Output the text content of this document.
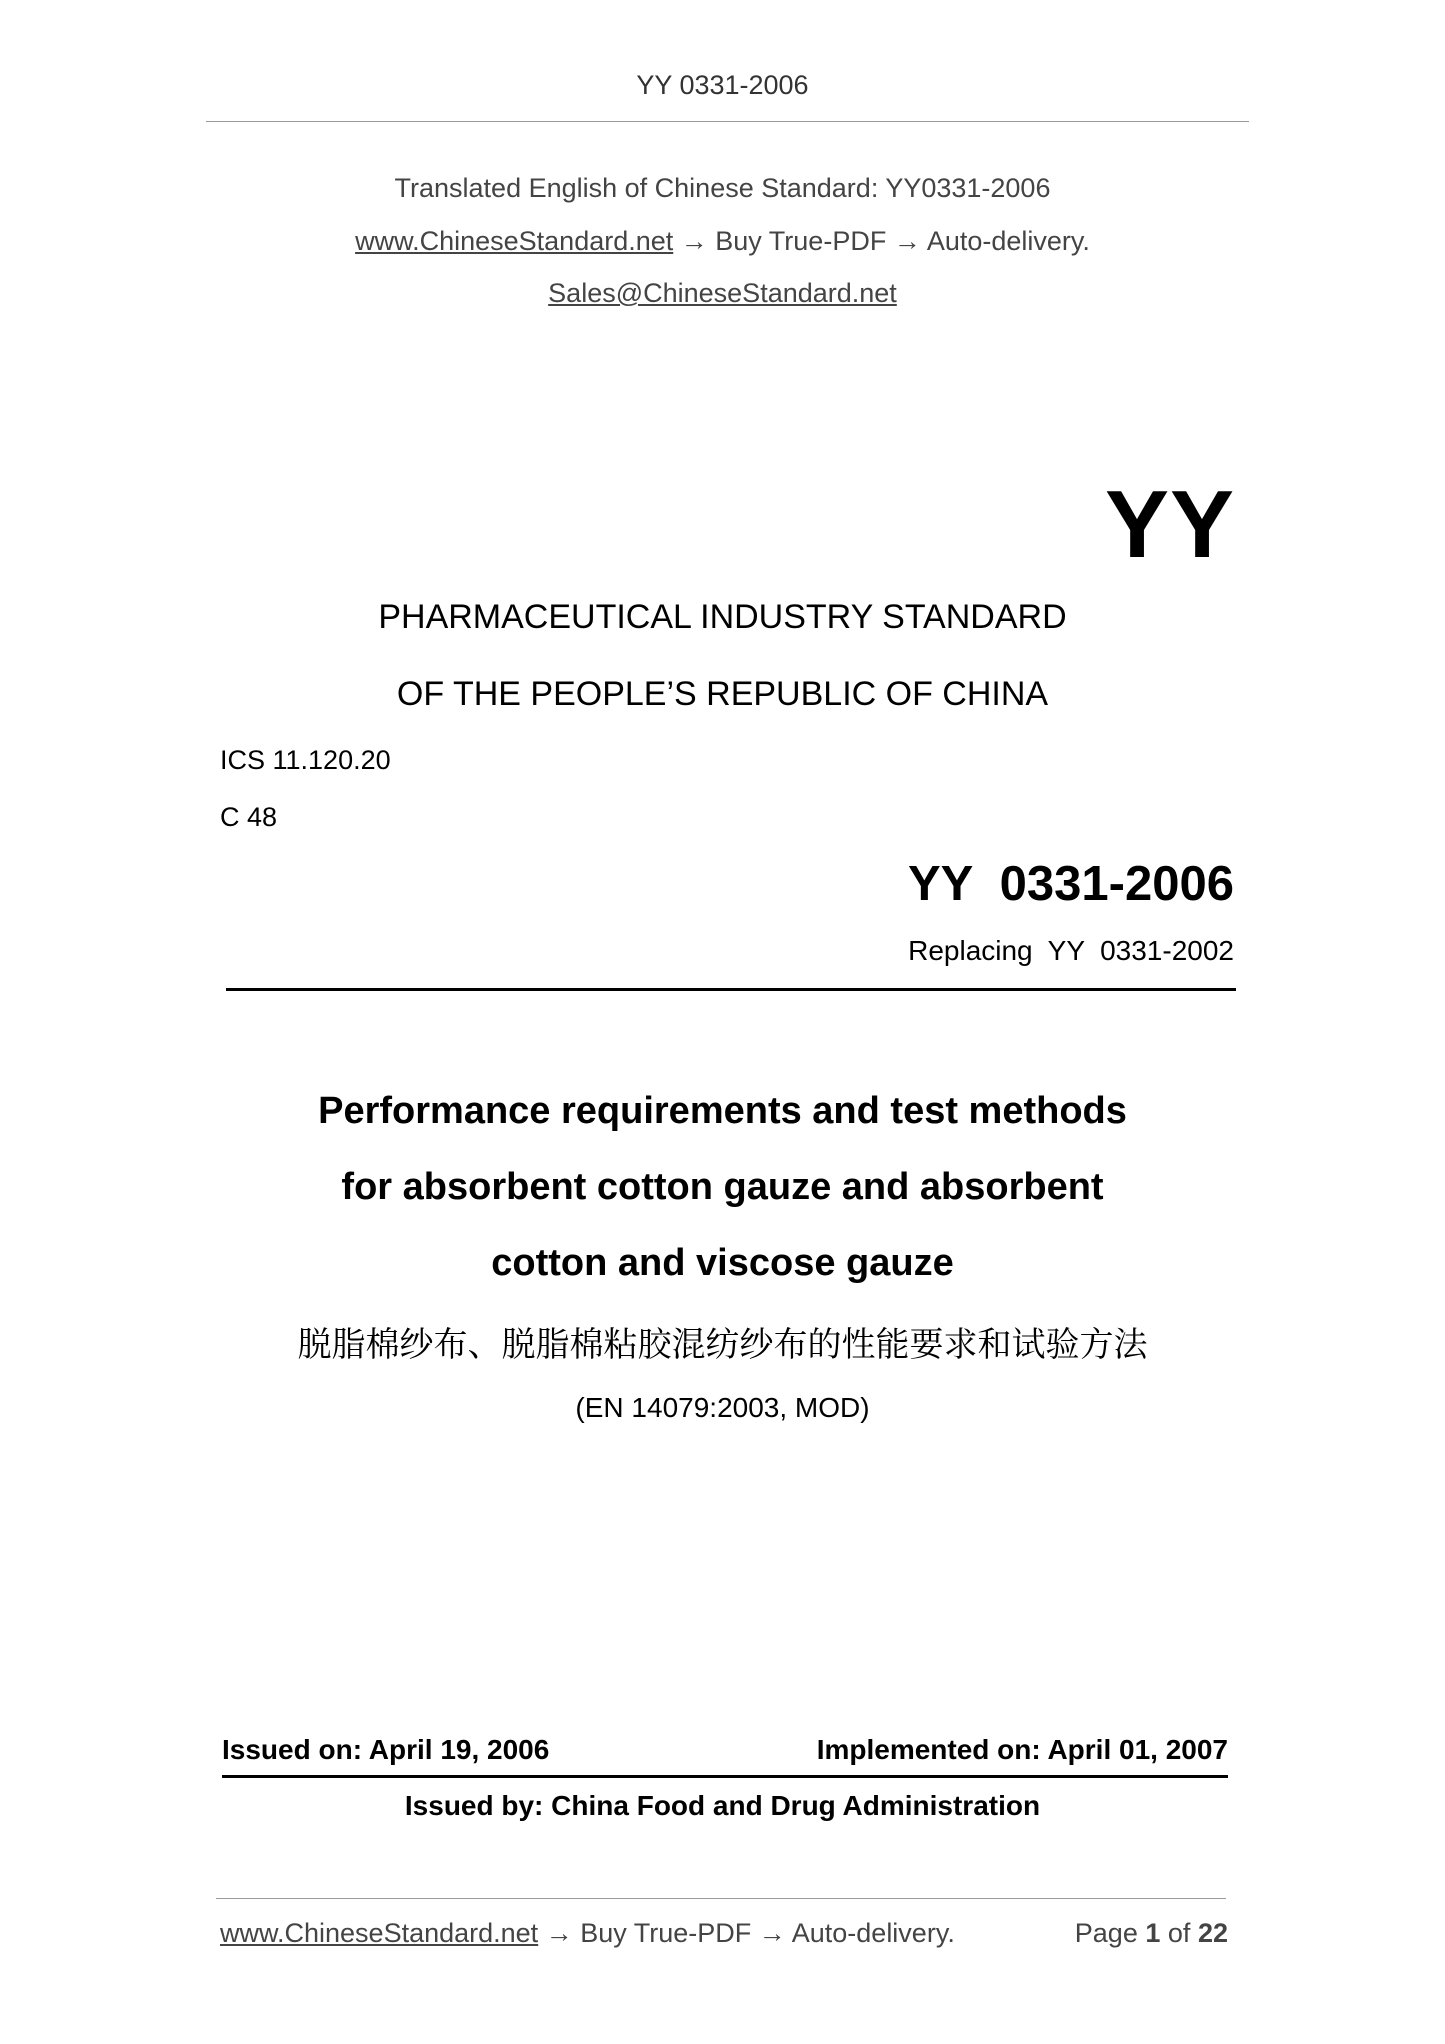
YY 0331-2006
Translated English of Chinese Standard: YY0331-2006
www.ChineseStandard.net → Buy True-PDF → Auto-delivery.
Sales@ChineseStandard.net
YY
PHARMACEUTICAL INDUSTRY STANDARD
OF THE PEOPLE’S REPUBLIC OF CHINA
ICS 11.120.20
C 48
YY  0331-2006
Replacing  YY  0331-2002
Performance requirements and test methods
for absorbent cotton gauze and absorbent
cotton and viscose gauze
脱脂棉纱布、脱脂棉粘胶混纺纱布的性能要求和试验方法
(EN 14079:2003, MOD)
Issued on: April 19, 2006	Implemented on: April 01, 2007
Issued by: China Food and Drug Administration
www.ChineseStandard.net → Buy True-PDF → Auto-delivery.	Page 1 of 22
